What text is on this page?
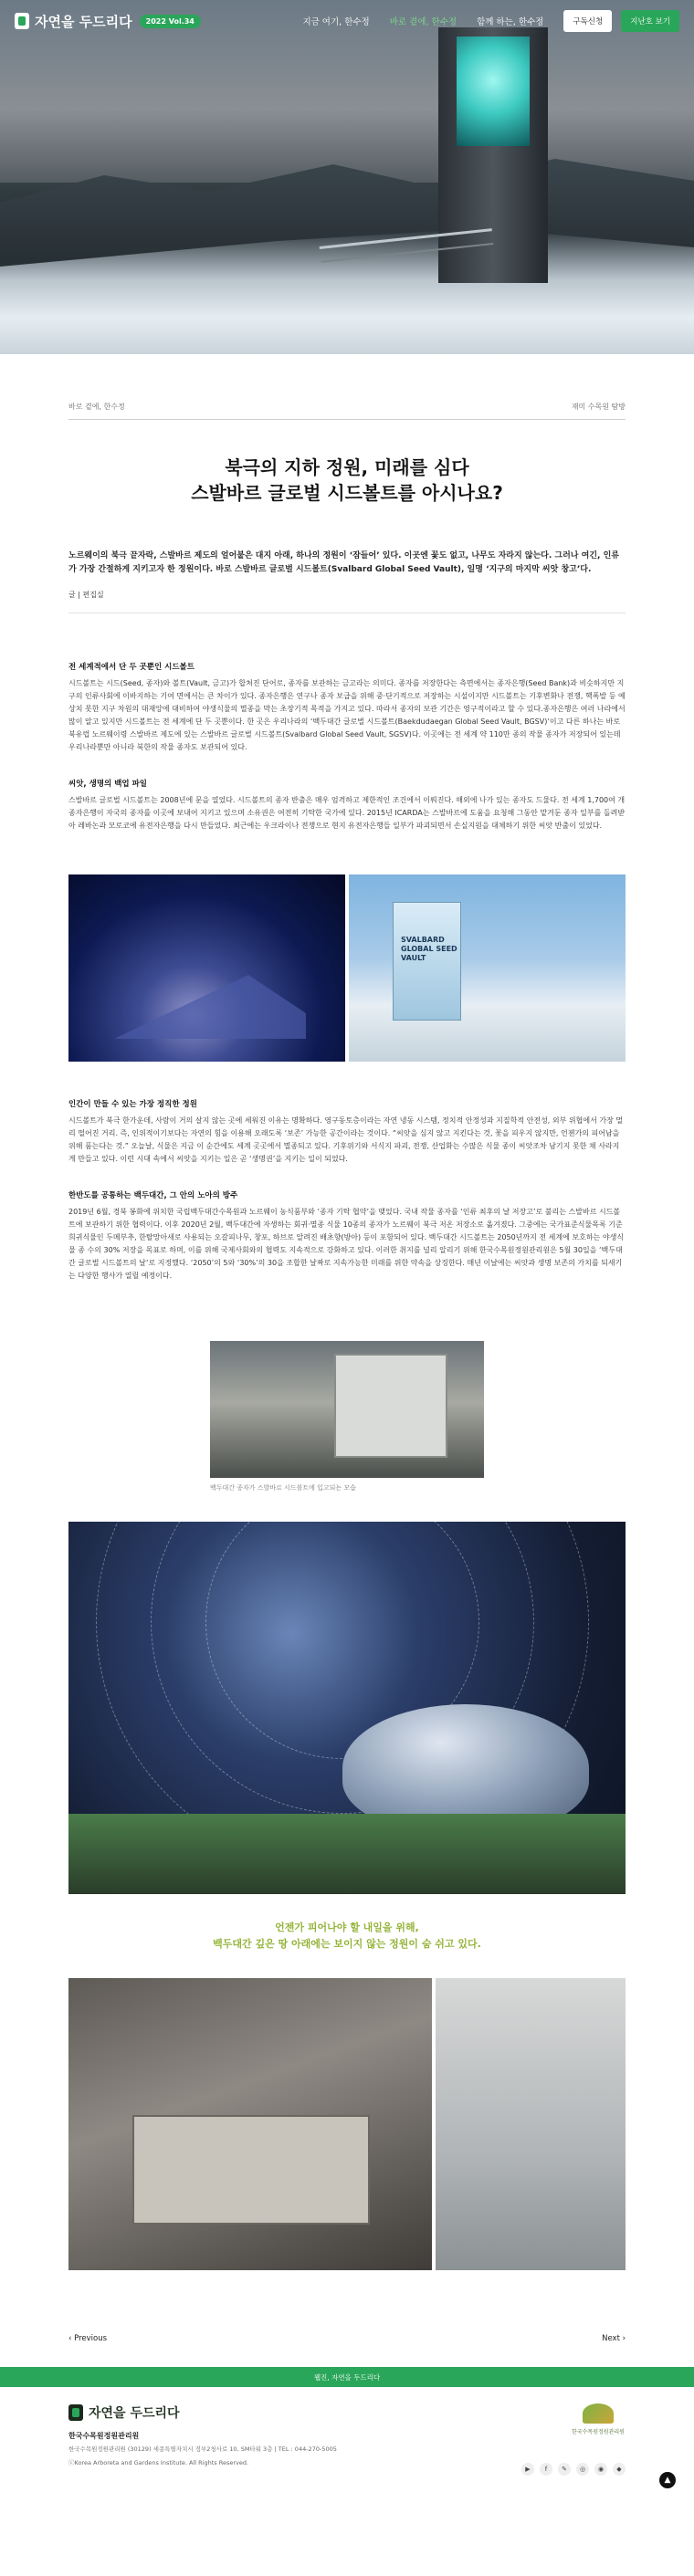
자연을 두드리다	2022 Vol.34	지금 여기, 한수정 바로 곁에, 한수정 함께 하는, 한수정	구독신청	지난호 보기
바로 곁에, 한수정	재미 수목원 탐방
북극의 지하 정원, 미래를 심다
스발바르 글로벌 시드볼트를 아시나요?

노르웨이의 북극 끝자락, 스발바르 제도의 얼어붙은 대지 아래, 하나의 정원이 ‘잠들어’ 있다. 이곳엔 꽃도 없고, 나무도 자라지 않는다. 그러나 여긴, 인류가 가장 간절하게 지키고자 한 정원이다. 바로 스발바르 글로벌 시드볼트(Svalbard Global Seed Vault), 일명 ‘지구의 마지막 씨앗 창고’다.

글 | 편집실

전 세계적에서 단 두 곳뿐인 시드볼트

시드볼트는 시드(Seed, 종자)와 볼트(Vault, 금고)가 합쳐진 단어로, 종자를 보관하는 금고라는 의미다. 종자를 저장한다는 측면에서는 종자은행(Seed Bank)과 비슷하지만 지구의 인류사회에 이바지하는 기여 면에서는 큰 차이가 있다. 종자은행은 연구나 종자 보급을 위해 중·단기적으로 저장하는 시설이지만 시드볼트는 기후변화나 전쟁, 핵폭발 등 예상치 못한 지구 차원의 대재앙에 대비하여 야생식물의 멸종을 막는 초장기적 목적을 가지고 있다. 따라서 종자의 보관 기간은 영구적이라고 할 수 있다.종자은행은 여러 나라에서 많이 알고 있지만 시드볼트는 전 세계에 단 두 곳뿐이다. 한 곳은 우리나라의 ‘백두대간 글로벌 시드볼트(Baekdudaegan Global Seed Vault, BGSV)’이고 다른 하나는 바로 북유럽 노르웨이령 스발바르 제도에 있는 스발바르 글로벌 시드볼트(Svalbard Global Seed Vault, SGSV)다. 이곳에는 전 세계 약 110만 종의 작물 종자가 저장되어 있는데 우리나라뿐만 아니라 북한의 작물 종자도 보관되어 있다.

씨앗, 생명의 백업 파일

스발바르 글로벌 시드볼트는 2008년에 문을 열었다. 시드볼트의 종자 반출은 매우 엄격하고 제한적인 조건에서 이뤄진다. 해외에 나가 있는 종자도 드물다. 전 세계 1,700여 개 종자은행이 자국의 종자를 이곳에 보내어 지키고 있으며 소유권은 여전히 기탁한 국가에 있다. 2015년 ICARDA는 스발바르에 도움을 요청해 그동안 맡겨둔 종자 일부를 돌려받아 레바논과 모로코에 유전자은행을 다시 만들었다. 최근에는 우크라이나 전쟁으로 현지 유전자은행들 일부가 파괴되면서 손실지원을 대체하기 위한 씨앗 반출이 있었다.

SVALBARD GLOBAL SEED VAULT
인간이 만들 수 있는 가장 정직한 정원

시드볼트가 북극 한가운데, 사람이 거의 살지 않는 곳에 세워진 이유는 명확하다. 영구동토층이라는 자연 냉동 시스템, 정치적 안정성과 지질학적 안전성, 외부 위협에서 가장 멀리 떨어진 거리. 즉, 인위적이기보다는 자연의 힘을 이용해 오래도록 ‘보존’ 가능한 공간이라는 것이다. “씨앗을 심지 않고 지킨다는 것, 꽃을 피우지 않지만, 언젠가의 피어남을 위해 품는다는 것.” 오늘날, 식물은 지금 이 순간에도 세계 곳곳에서 멸종되고 있다. 기후위기와 서식지 파괴, 전쟁, 산업화는 수많은 식물 종이 씨앗조차 남기지 못한 채 사라지게 만들고 있다. 이런 시대 속에서 씨앗을 지키는 일은 곧 ‘생명권’을 지키는 일이 되었다.

한반도를 공통하는 백두대간, 그 안의 노아의 방주

2019년 6월, 경북 봉화에 위치한 국립백두대간수목원과 노르웨이 농식품부와 ‘종자 기탁 협약’을 맺었다. 국내 작물 종자를 ‘인류 최후의 날 저장고’로 불리는 스발바르 시드볼트에 보관하기 위한 협력이다. 이후 2020년 2월, 백두대간에 자생하는 회귀·멸종 식물 10종의 종자가 노르웨이 북극 저온 저장소로 옮겨졌다. 그중에는 국가표준식물목록 기준 희귀식물인 두메부추, 한탈망아새로 사용되는 오갈피나무, 창포, 하브로 알려진 배초향(방아) 등이 포함되어 있다. 백두대간 시드볼트는 2050년까지 전 세계에 보호하는 야생식물 종 수의 30% 저장을 목표로 하며, 이를 위해 국제사회와의 협력도 지속적으로 강화하고 있다. 이러한 취지를 널리 알리기 위해 한국수목원정원관리원은 5월 30일을 ‘백두대간 글로벌 시드볼트의 날’로 지정했다. ‘2050’의 5와 ‘30%’의 30을 조합한 날짜로 지속가능한 미래를 위한 약속을 상징한다. 매년 이날에는 씨앗과 생명 보존의 가치를 되새기는 다양한 행사가 열릴 예정이다.

백두대간 종자가 스발바르 시드볼트에 입고되는 모습

언젠가 피어나야 할 내일을 위해,
백두대간 깊은 땅 아래에는 보이지 않는 정원이 숨 쉬고 있다.

‹ Previous	Next ›
웹진, 자연을 두드리다
자연을 두드리다
한국수목원정원관리원
한국수목원정원관리원 (30129) 세종특별자치시 정부2청사로 10, SM타워 3층 | TEL : 044-270-5005
ⓒKorea Arboreta and Gardens Institute. All Rights Reserved.
한국수목원정원관리원
▶	f	✎	◎	◉	◆
▲
